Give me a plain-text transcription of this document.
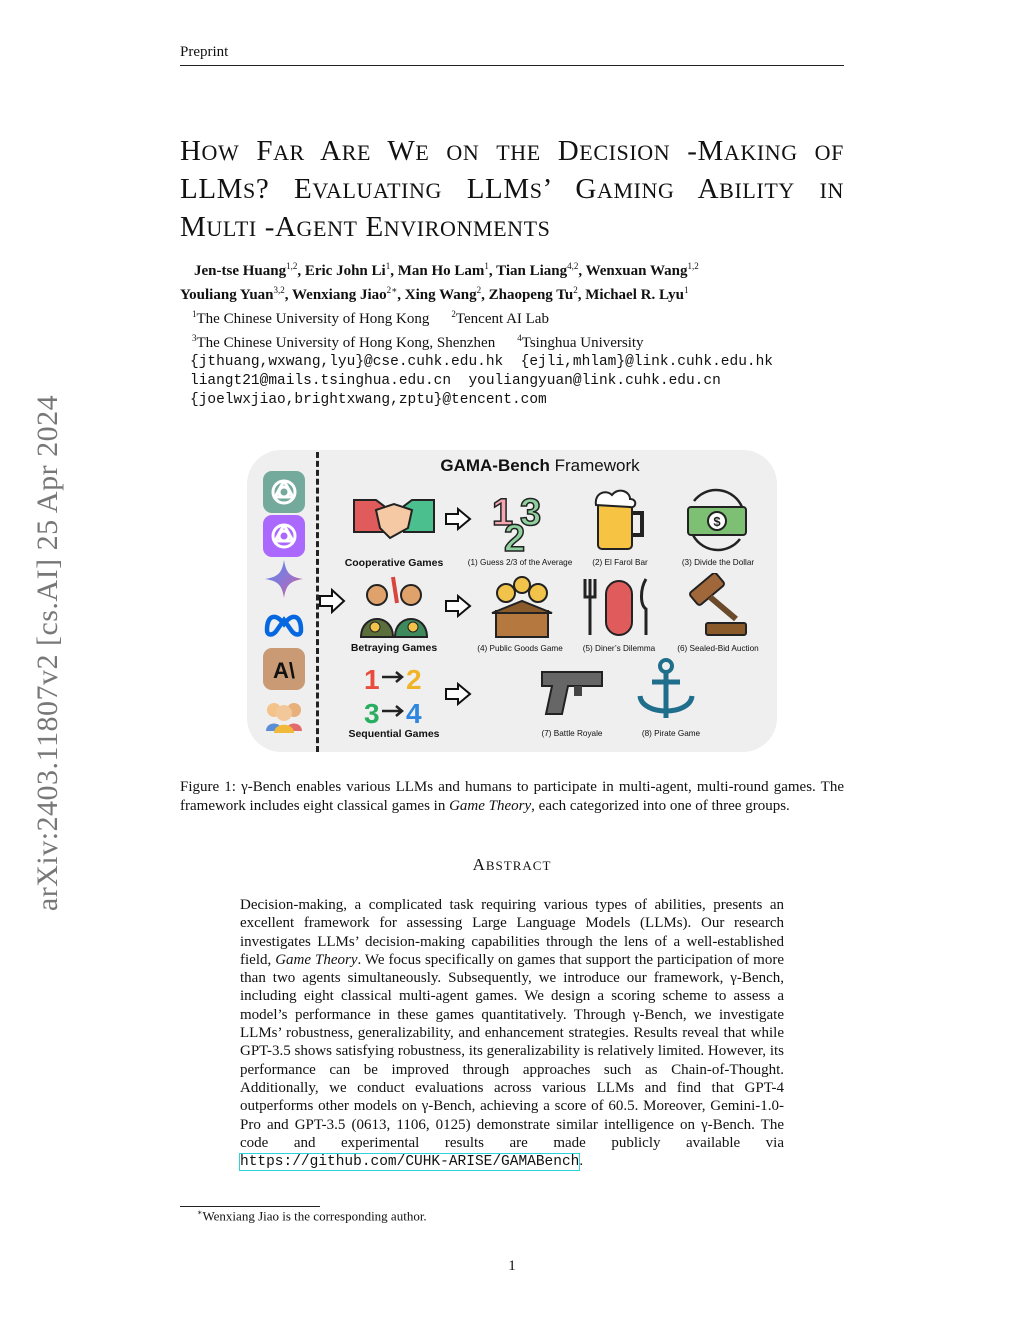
Preprint
arXiv:2403.11807v2 [cs.AI] 25 Apr 2024
HOW FAR ARE WE ON THE DECISION -MAKING OF
LLMS? EVALUATING LLMS’ GAMING ABILITY IN
MULTI -AGENT ENVIRONMENTS
Jen-tse Huang$^{1,2}$, Eric John Li$^1$, Man Ho Lam$^1$, Tian Liang$^{4,2}$, Wenxuan Wang$^{1,2}$
Youliang Yuan$^{3,2}$, Wenxiang Jiao$^{2∗}$, Xing Wang$^2$, Zhaopeng Tu$^2$, Michael R. Lyu$^1$
$^1$The Chinese University of Hong Kong $^2$Tencent AI Lab
$^3$The Chinese University of Hong Kong, Shenzhen $^4$Tsinghua University
{jthuang,wxwang,lyu}@cse.cuhk.edu.hk  {ejli,mhlam}@link.cuhk.edu.hk
liangt21@mails.tsinghua.edu.cn  youliangyuan@link.cuhk.edu.cn
{joelwxjiao,brightxwang,zptu}@tencent.com
GAMA-Bench Framework
A\ 1 2
3 4
Cooperative Games
Betraying Games
Sequential Games
1 3
2	$
(1) Guess 2/3 of the Average	(2) El Farol Bar	(3) Divide the Dollar
(4) Public Goods Game	(5) Diner’s Dilemma	(6) Sealed-Bid Auction
(7) Battle Royale	(8) Pirate Game
Figure 1: γ-Bench enables various LLMs and humans to participate in multi-agent, multi-round games. The framework includes eight classical games in Game Theory, each categorized into one of three groups.
ABSTRACT
Decision-making, a complicated task requiring various types of abilities, presents an excellent framework for assessing Large Language Models (LLMs). Our research investigates LLMs’ decision-making capabilities through the lens of a well-established field, Game Theory. We focus specifically on games that support the participation of more than two agents simultaneously. Subsequently, we introduce our framework, γ-Bench, including eight classical multi-agent games. We design a scoring scheme to assess a model’s performance in these games quantitatively. Through γ-Bench, we investigate LLMs’ robustness, generalizability, and enhancement strategies. Results reveal that while GPT-3.5 shows satisfying robustness, its generalizability is relatively limited. However, its performance can be improved through approaches such as Chain-of-Thought. Additionally, we conduct evaluations across various LLMs and find that GPT-4 outperforms other models on γ-Bench, achieving a score of 60.5. Moreover, Gemini-1.0-Pro and GPT-3.5 (0613, 1106, 0125) demonstrate similar intelligence on γ-Bench. The code and experimental results are made publicly available via https://github.com/CUHK-ARISE/GAMABench.
∗Wenxiang Jiao is the corresponding author.
1
